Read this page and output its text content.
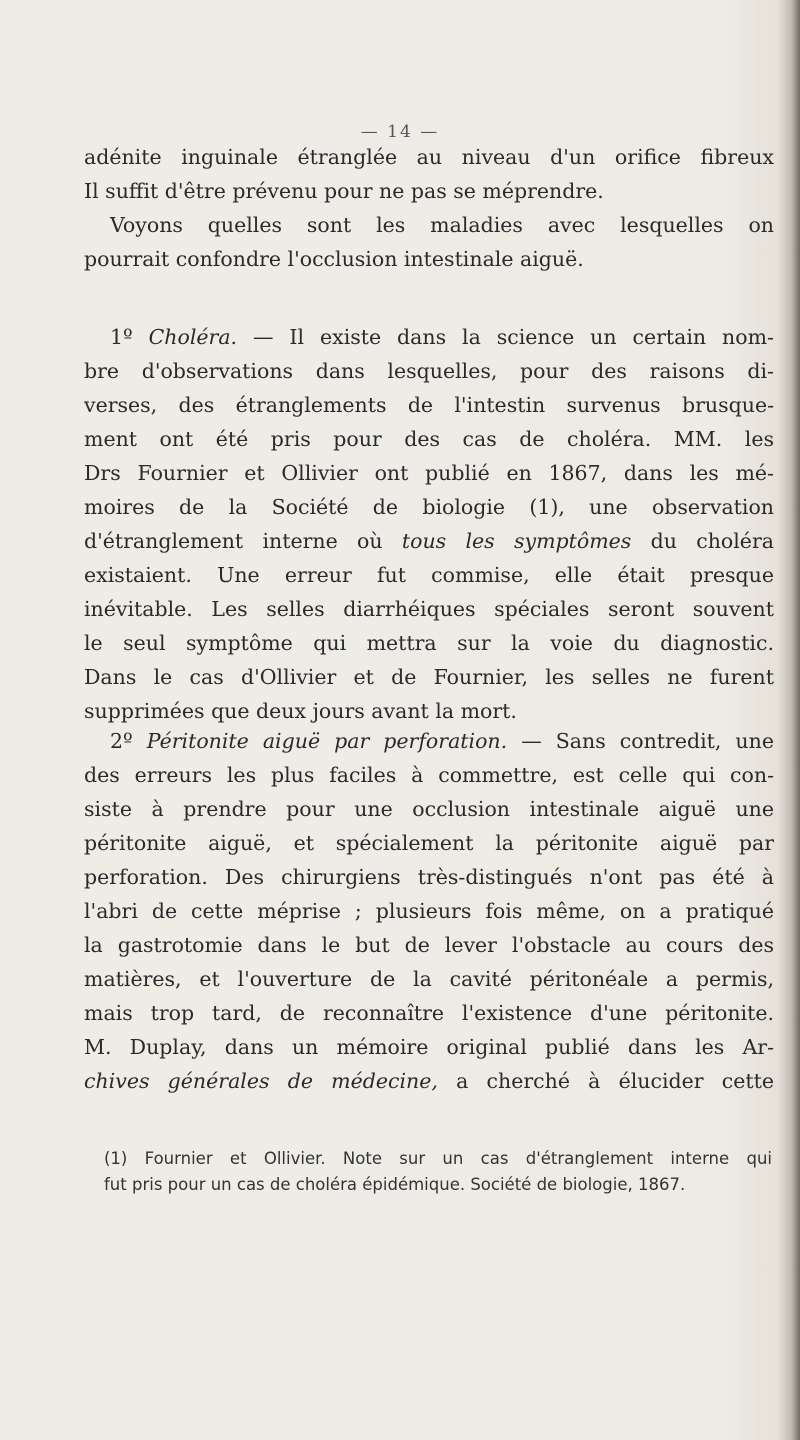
— 14 —
adénite inguinale étranglée au niveau d'un orifice fibreux
Il suffit d'être prévenu pour ne pas se méprendre.
Voyons quelles sont les maladies avec lesquelles on
pourrait confondre l'occlusion intestinale aiguë.
1º Choléra. — Il existe dans la science un certain nom-
bre d'observations dans lesquelles, pour des raisons di-
verses, des étranglements de l'intestin survenus brusque-
ment ont été pris pour des cas de choléra. MM. les
Drs Fournier et Ollivier ont publié en 1867, dans les mé-
moires de la Société de biologie (1), une observation
d'étranglement interne où tous les symptômes du choléra
existaient. Une erreur fut commise, elle était presque
inévitable. Les selles diarrhéiques spéciales seront souvent
le seul symptôme qui mettra sur la voie du diagnostic.
Dans le cas d'Ollivier et de Fournier, les selles ne furent
supprimées que deux jours avant la mort.
2º Péritonite aiguë par perforation. — Sans contredit, une
des erreurs les plus faciles à commettre, est celle qui con-
siste à prendre pour une occlusion intestinale aiguë une
péritonite aiguë, et spécialement la péritonite aiguë par
perforation. Des chirurgiens très-distingués n'ont pas été à
l'abri de cette méprise ; plusieurs fois même, on a pratiqué
la gastrotomie dans le but de lever l'obstacle au cours des
matières, et l'ouverture de la cavité péritonéale a permis,
mais trop tard, de reconnaître l'existence d'une péritonite.
M. Duplay, dans un mémoire original publié dans les Ar-
chives générales de médecine, a cherché à élucider cette
(1) Fournier et Ollivier. Note sur un cas d'étranglement interne qui
fut pris pour un cas de choléra épidémique. Société de biologie, 1867.
